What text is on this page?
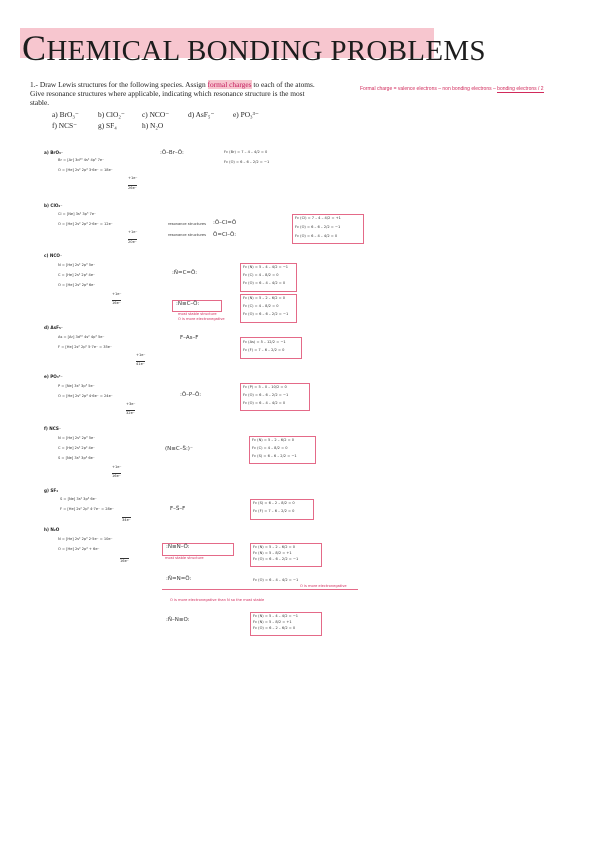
CHEMICAL BONDING PROBLEMS
1.- Draw Lewis structures for the following species. Assign formal charges to each of the atoms. Give resonance structures where applicable, indicating which resonance structure is the most stable.
a) BrO₃⁻	b) ClO₂⁻ c) NCO⁻	d) AsF₅⁻	e) PO₃³⁻
f) NCS⁻	g) SF₄	h) N₂O
Formal charge = valence electrons – non bonding electrons – bonding electrons / 2
a) BrO₃⁻
Br = [Ar] 3d¹⁰ 4s² 4p⁵ 7e⁻
O = [He] 2s² 2p⁴ 3·6e⁻ = 18e⁻
+1e⁻
26e⁻
:Ö–Br–Ö:	Fc (Br) = 7 – 4 – 4/2 = 0
Fc (O) = 6 – 6 – 2/2 = −1
b) ClO₂⁻
Cl = [Ne] 3s² 3p⁵ 7e⁻
O = [He] 2s² 2p⁴ 2·6e⁻ = 12e⁻
+1e⁻
20e⁻
resonance structures
resonance structures
:Ö–Cl=Ö
Ö=Cl–Ö:
Fc (Cl) = 7 – 4 – 4/2 = +1
Fc (O) = 6 – 6 – 2/2 = −1
Fc (O) = 6 – 4 – 4/2 = 0
c) NCO⁻
N = [He] 2s² 2p³ 5e⁻
C = [He] 2s² 2p² 4e⁻
O = [He] 2s² 2p⁴ 6e⁻
+1e⁻
16e⁻
:N̈=C=Ö:
Fc (N) = 5 – 4 – 4/2 = −1
Fc (C) = 4 – 8/2 = 0
Fc (O) = 6 – 4 – 4/2 = 0
:N≡C–Ö:
most stable structure
O is more electronegative
Fc (N) = 5 – 2 – 6/2 = 0
Fc (C) = 4 – 8/2 = 0
Fc (O) = 6 – 6 – 2/2 = −1
d) AsF₅⁻
As = [Ar] 3d¹⁰ 4s² 4p³ 5e⁻
F = [He] 2s² 2p⁵ 5·7e⁻ = 35e⁻
+1e⁻
41e⁻
F–As–F
Fc (As) = 5 – 12/2 = −1
Fc (F) = 7 – 6 – 2/2 = 0
e) PO₃³⁻
P = [Ne] 3s² 3p³ 5e⁻
O = [He] 2s² 2p⁴ 4·6e⁻ = 24e⁻
+3e⁻
32e⁻
:Ö–P–Ö:
Fc (P) = 5 – 0 – 10/2 = 0
Fc (O) = 6 – 6 – 2/2 = −1
Fc (O) = 6 – 4 – 4/2 = 0
f) NCS⁻
N = [He] 2s² 2p³ 5e⁻
C = [He] 2s² 2p² 4e⁻
S = [Ne] 3s² 3p⁴ 6e⁻
+1e⁻
16e⁻
(N≡C–S̈:)⁻
Fc (N) = 5 – 2 – 6/2 = 0
Fc (C) = 4 – 8/2 = 0
Fc (S) = 6 – 6 – 2/2 = −1
g) SF₄
S = [Ne] 3s² 3p⁴ 6e⁻
F = [He] 2s² 2p⁵ 4·7e⁻ = 28e⁻
34e⁻
F–S̈–F
Fc (S) = 6 – 2 – 8/2 = 0
Fc (F) = 7 – 6 – 2/2 = 0
h) N₂O
N = [He] 2s² 2p³ 2·5e⁻ = 10e⁻
O = [He] 2s² 2p⁴ + 6e⁻
16e⁻
:N≡N–Ö:
most stable structure
Fc (N) = 5 – 2 – 6/2 = 0
Fc (N) = 5 – 8/2 = +1
Fc (O) = 6 – 6 – 2/2 = −1
:N̈=N=Ö:	Fc (O) = 6 – 4 – 4/2 = −1
O is more electronegative
O is more electronegative than N so the most stable
:N̈–N≡O:
Fc (N) = 5 – 4 – 4/2 = −1
Fc (N) = 5 – 8/2 = +1
Fc (O) = 6 – 2 – 6/2 = 0
